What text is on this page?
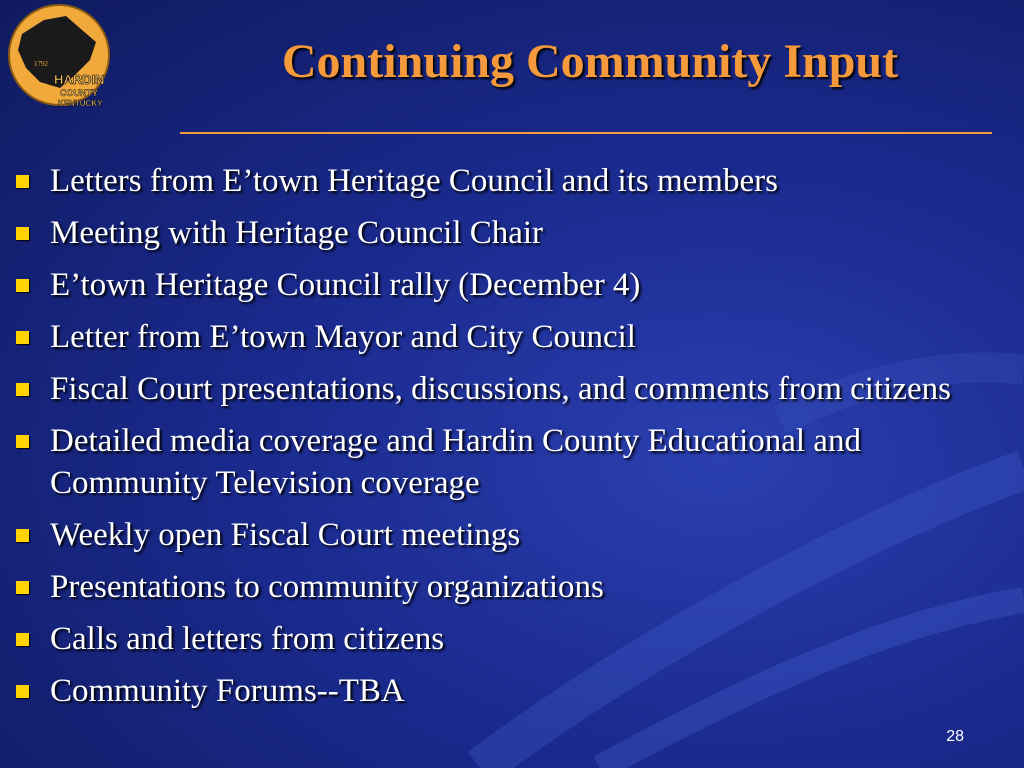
1792
HARDIN
COUNTY
KENTUCKY
Continuing Community Input
Letters from E’town Heritage Council and its members
Meeting with Heritage Council Chair
E’town Heritage Council rally (December 4)
Letter from E’town Mayor and City Council
Fiscal Court presentations, discussions, and comments from citizens
Detailed media coverage and Hardin County Educational and Community Television coverage
Weekly open Fiscal Court meetings
Presentations to community organizations
Calls and letters from citizens
Community Forums--TBA
28
